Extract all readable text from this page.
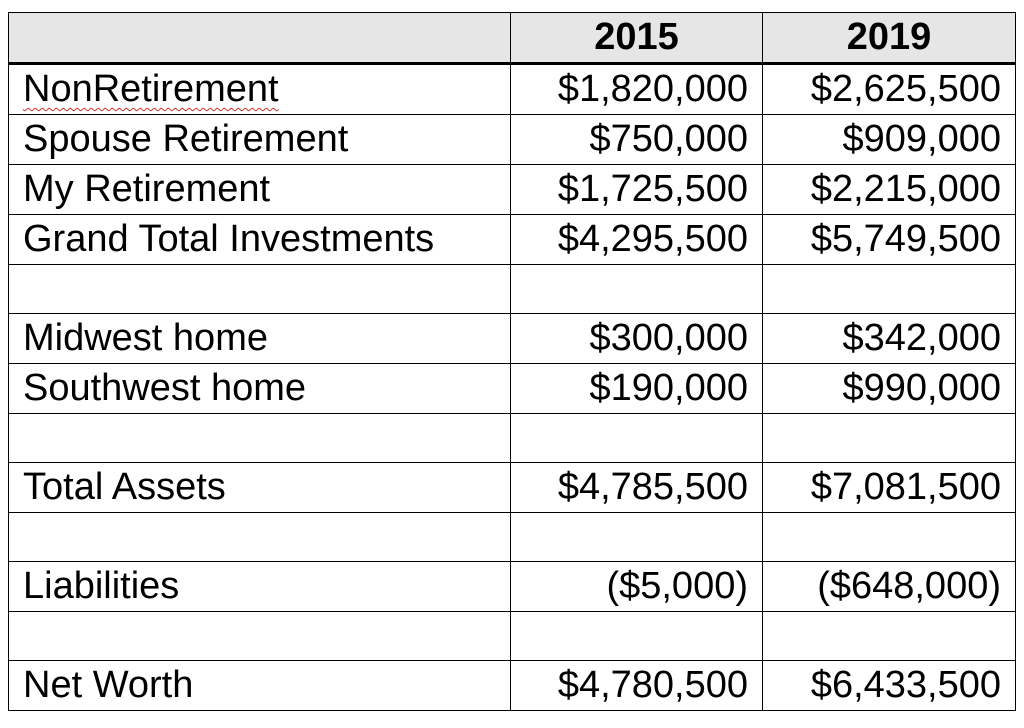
	2015	2019
NonRetirement	$1,820,000	$2,625,500
Spouse Retirement	$750,000	$909,000
My Retirement	$1,725,500	$2,215,000
Grand Total Investments	$4,295,500	$5,749,500

Midwest home	$300,000	$342,000
Southwest home	$190,000	$990,000

Total Assets	$4,785,500	$7,081,500

Liabilities	($5,000)	($648,000)

Net Worth	$4,780,500	$6,433,500
